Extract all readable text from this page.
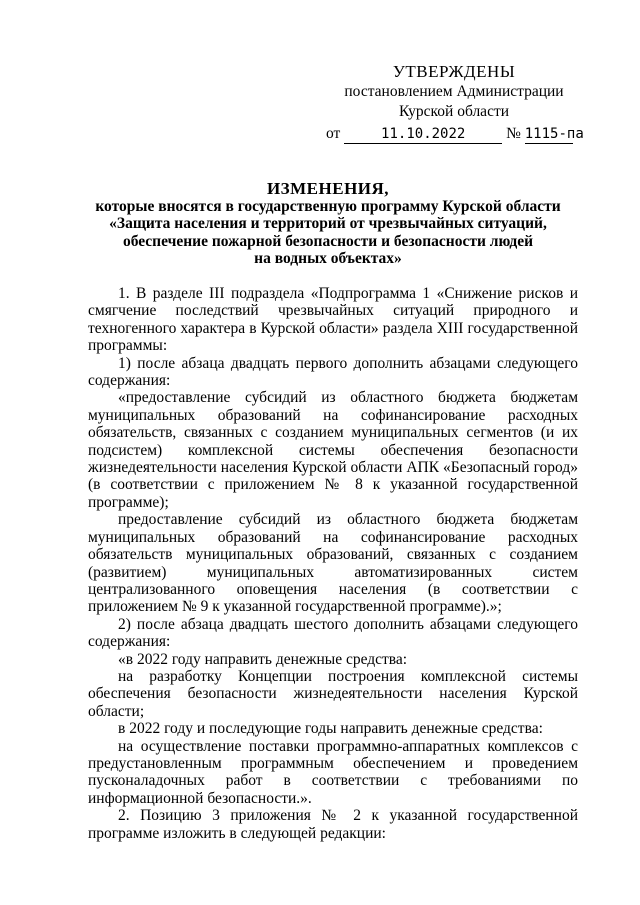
УТВЕРЖДЕНЫ
постановлением Администрации
Курской области
от	11.10.2022	№ 1115-па
ИЗМЕНЕНИЯ,
которые вносятся в государственную программу Курской области
«Защита населения и территорий от чрезвычайных ситуаций,
обеспечение пожарной безопасности и безопасности людей
на водных объектах»

1. В разделе III подраздела «Подпрограмма 1 «Снижение рисков и смягчение последствий чрезвычайных ситуаций природного и техногенного характера в Курской области» раздела XIII государственной программы:

1) после абзаца двадцать первого дополнить абзацами следующего содержания:

«предоставление субсидий из областного бюджета бюджетам муниципальных образований на софинансирование расходных обязательств, связанных с созданием муниципальных сегментов (и их подсистем) комплексной системы обеспечения безопасности жизнедеятельности населения Курской области АПК «Безопасный город» (в соответствии с приложением № 8 к указанной государственной программе);

предоставление субсидий из областного бюджета бюджетам муниципальных образований на софинансирование расходных обязательств муниципальных образований, связанных с созданием (развитием) муниципальных автоматизированных систем централизованного оповещения населения (в соответствии с приложением № 9 к указанной государственной программе).»;

2) после абзаца двадцать шестого дополнить абзацами следующего содержания:

«в 2022 году направить денежные средства:

на разработку Концепции построения комплексной системы обеспечения безопасности жизнедеятельности населения Курской области;

в 2022 году и последующие годы направить денежные средства:

на осуществление поставки программно-аппаратных комплексов с предустановленным программным обеспечением и проведением пусконаладочных работ в соответствии с требованиями по информационной безопасности.».

2. Позицию 3 приложения № 2 к указанной государственной программе изложить в следующей редакции:
